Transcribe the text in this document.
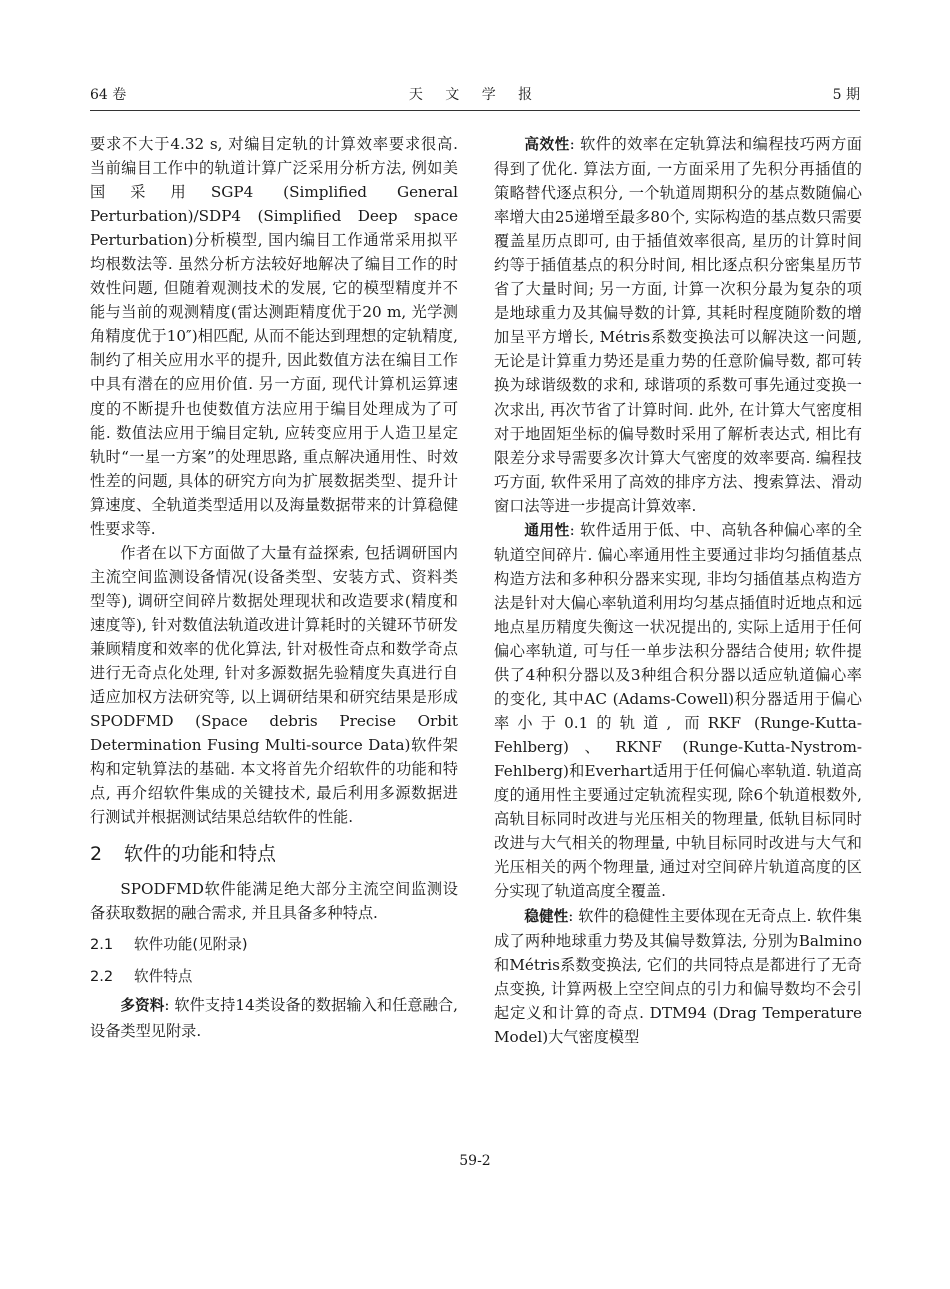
64 卷	天 文 学 报	5 期

要求不大于4.32 s, 对编目定轨的计算效率要求很高. 当前编目工作中的轨道计算广泛采用分析方法, 例如美国采用SGP4 (Simplified General Perturbation)/SDP4 (Simplified Deep space Perturbation)分析模型, 国内编目工作通常采用拟平均根数法等. 虽然分析方法较好地解决了编目工作的时效性问题, 但随着观测技术的发展, 它的模型精度并不能与当前的观测精度(雷达测距精度优于20 m, 光学测角精度优于10″)相匹配, 从而不能达到理想的定轨精度, 制约了相关应用水平的提升, 因此数值方法在编目工作中具有潜在的应用价值. 另一方面, 现代计算机运算速度的不断提升也使数值方法应用于编目处理成为了可能. 数值法应用于编目定轨, 应转变应用于人造卫星定轨时“一星一方案”的处理思路, 重点解决通用性、时效性差的问题, 具体的研究方向为扩展数据类型、提升计算速度、全轨道类型适用以及海量数据带来的计算稳健性要求等.

作者在以下方面做了大量有益探索, 包括调研国内主流空间监测设备情况(设备类型、安装方式、资料类型等), 调研空间碎片数据处理现状和改造要求(精度和速度等), 针对数值法轨道改进计算耗时的关键环节研发兼顾精度和效率的优化算法, 针对极性奇点和数学奇点进行无奇点化处理, 针对多源数据先验精度失真进行自适应加权方法研究等, 以上调研结果和研究结果是形成SPODFMD (Space debris Precise Orbit Determination Fusing Multi-source Data)软件架构和定轨算法的基础. 本文将首先介绍软件的功能和特点, 再介绍软件集成的关键技术, 最后利用多源数据进行测试并根据测试结果总结软件的性能.

2 软件的功能和特点

SPODFMD软件能满足绝大部分主流空间监测设备获取数据的融合需求, 并且具备多种特点.

2.1 软件功能(见附录)
2.2 软件特点

多资料: 软件支持14类设备的数据输入和任意融合, 设备类型见附录.

高效性: 软件的效率在定轨算法和编程技巧两方面得到了优化. 算法方面, 一方面采用了先积分再插值的策略替代逐点积分, 一个轨道周期积分的基点数随偏心率增大由25递增至最多80个, 实际构造的基点数只需要覆盖星历点即可, 由于插值效率很高, 星历的计算时间约等于插值基点的积分时间, 相比逐点积分密集星历节省了大量时间; 另一方面, 计算一次积分最为复杂的项是地球重力及其偏导数的计算, 其耗时程度随阶数的增加呈平方增长, Métris系数变换法可以解决这一问题, 无论是计算重力势还是重力势的任意阶偏导数, 都可转换为球谐级数的求和, 球谐项的系数可事先通过变换一次求出, 再次节省了计算时间. 此外, 在计算大气密度相对于地固矩坐标的偏导数时采用了解析表达式, 相比有限差分求导需要多次计算大气密度的效率要高. 编程技巧方面, 软件采用了高效的排序方法、搜索算法、滑动窗口法等进一步提高计算效率.

通用性: 软件适用于低、中、高轨各种偏心率的全轨道空间碎片. 偏心率通用性主要通过非均匀插值基点构造方法和多种积分器来实现, 非均匀插值基点构造方法是针对大偏心率轨道利用均匀基点插值时近地点和远地点星历精度失衡这一状况提出的, 实际上适用于任何偏心率轨道, 可与任一单步法积分器结合使用; 软件提供了4种积分器以及3种组合积分器以适应轨道偏心率的变化, 其中AC (Adams-Cowell)积分器适用于偏心率小于0.1的轨道, 而RKF (Runge-Kutta-Fehlberg)、RKNF (Runge-Kutta-Nystrom-Fehlberg)和Everhart适用于任何偏心率轨道. 轨道高度的通用性主要通过定轨流程实现, 除6个轨道根数外, 高轨目标同时改进与光压相关的物理量, 低轨目标同时改进与大气相关的物理量, 中轨目标同时改进与大气和光压相关的两个物理量, 通过对空间碎片轨道高度的区分实现了轨道高度全覆盖.

稳健性: 软件的稳健性主要体现在无奇点上. 软件集成了两种地球重力势及其偏导数算法, 分别为Balmino和Métris系数变换法, 它们的共同特点是都进行了无奇点变换, 计算两极上空空间点的引力和偏导数均不会引起定义和计算的奇点. DTM94 (Drag Temperature Model)大气密度模型

59-2
